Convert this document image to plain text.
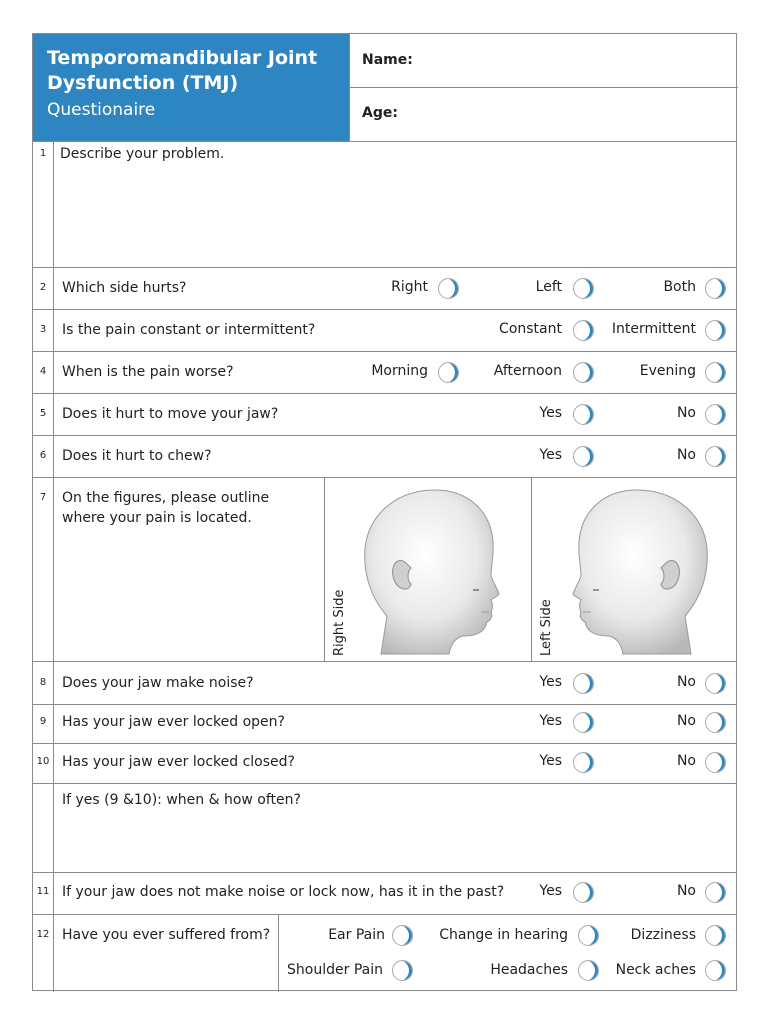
Temporomandibular Joint
Dysfunction (TMJ)
Questionaire
Name:
Age:
1 Describe your problem.
2	Which side hurts?	Right	Left	Both
3	Is the pain constant or intermittent?	Constant	Intermittent
4	When is the pain worse?	Morning	Afternoon	Evening
5	Does it hurt to move your jaw?	Yes	No
6	Does it hurt to chew?	Yes	No
7	On the figures, please outline
where your pain is located.
Right Side	Left Side
8	Does your jaw make noise?	Yes	No
9	Has your jaw ever locked open?	Yes	No
10 Has your jaw ever locked closed?	Yes	No
If yes (9 &10): when & how often?
11 If your jaw does not make noise or lock now, has it in the past?	Yes	No
12 Have you ever suffered from?	Ear Pain	Change in hearing	Dizziness
Shoulder Pain	Headaches	Neck aches
